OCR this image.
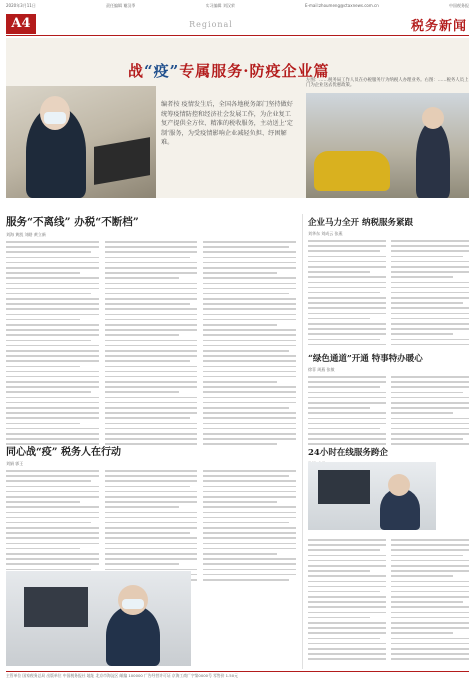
2020年3月11日	责任编辑 谢汉季	实习编辑 刘汉荣	E-mail:zhoumeng@ctaxnews.com.cn	中国税务报
A4	Regional	税务新闻
战“疫”专属服务·防疫企业篇
编者按 疫情发生后，全国各地税务部门坚持做好统筹疫情防控和经济社会发展工作，为企业复工复产提供全方位、精准的税收服务，主动送上‘定制’服务，为受疫情影响企业减轻负担、纾困解难。
左图：……税务局工作人员在办税服务厅为纳税人办理业务。右图：……税务人员上门为企业送去优惠政策。
服务“不离线” 办税“不断档”
刘海 黄凯 刘皓 黄立新
同心战“疫” 税务人在行动
刘娟 郭王
企业马力全开 纳税服务紧跟
刘华东 刘成云 张燕
“绿色通道”开通 特事特办暖心
徐菲 周燕 张敏
24小时在线服务跨企
主管单位 国家税务总局 出版单位 中国税务报社 地址 北京市海淀区 邮编 100000 广告经营许可证 京海工商广字第0000号 零售价 1.50元
